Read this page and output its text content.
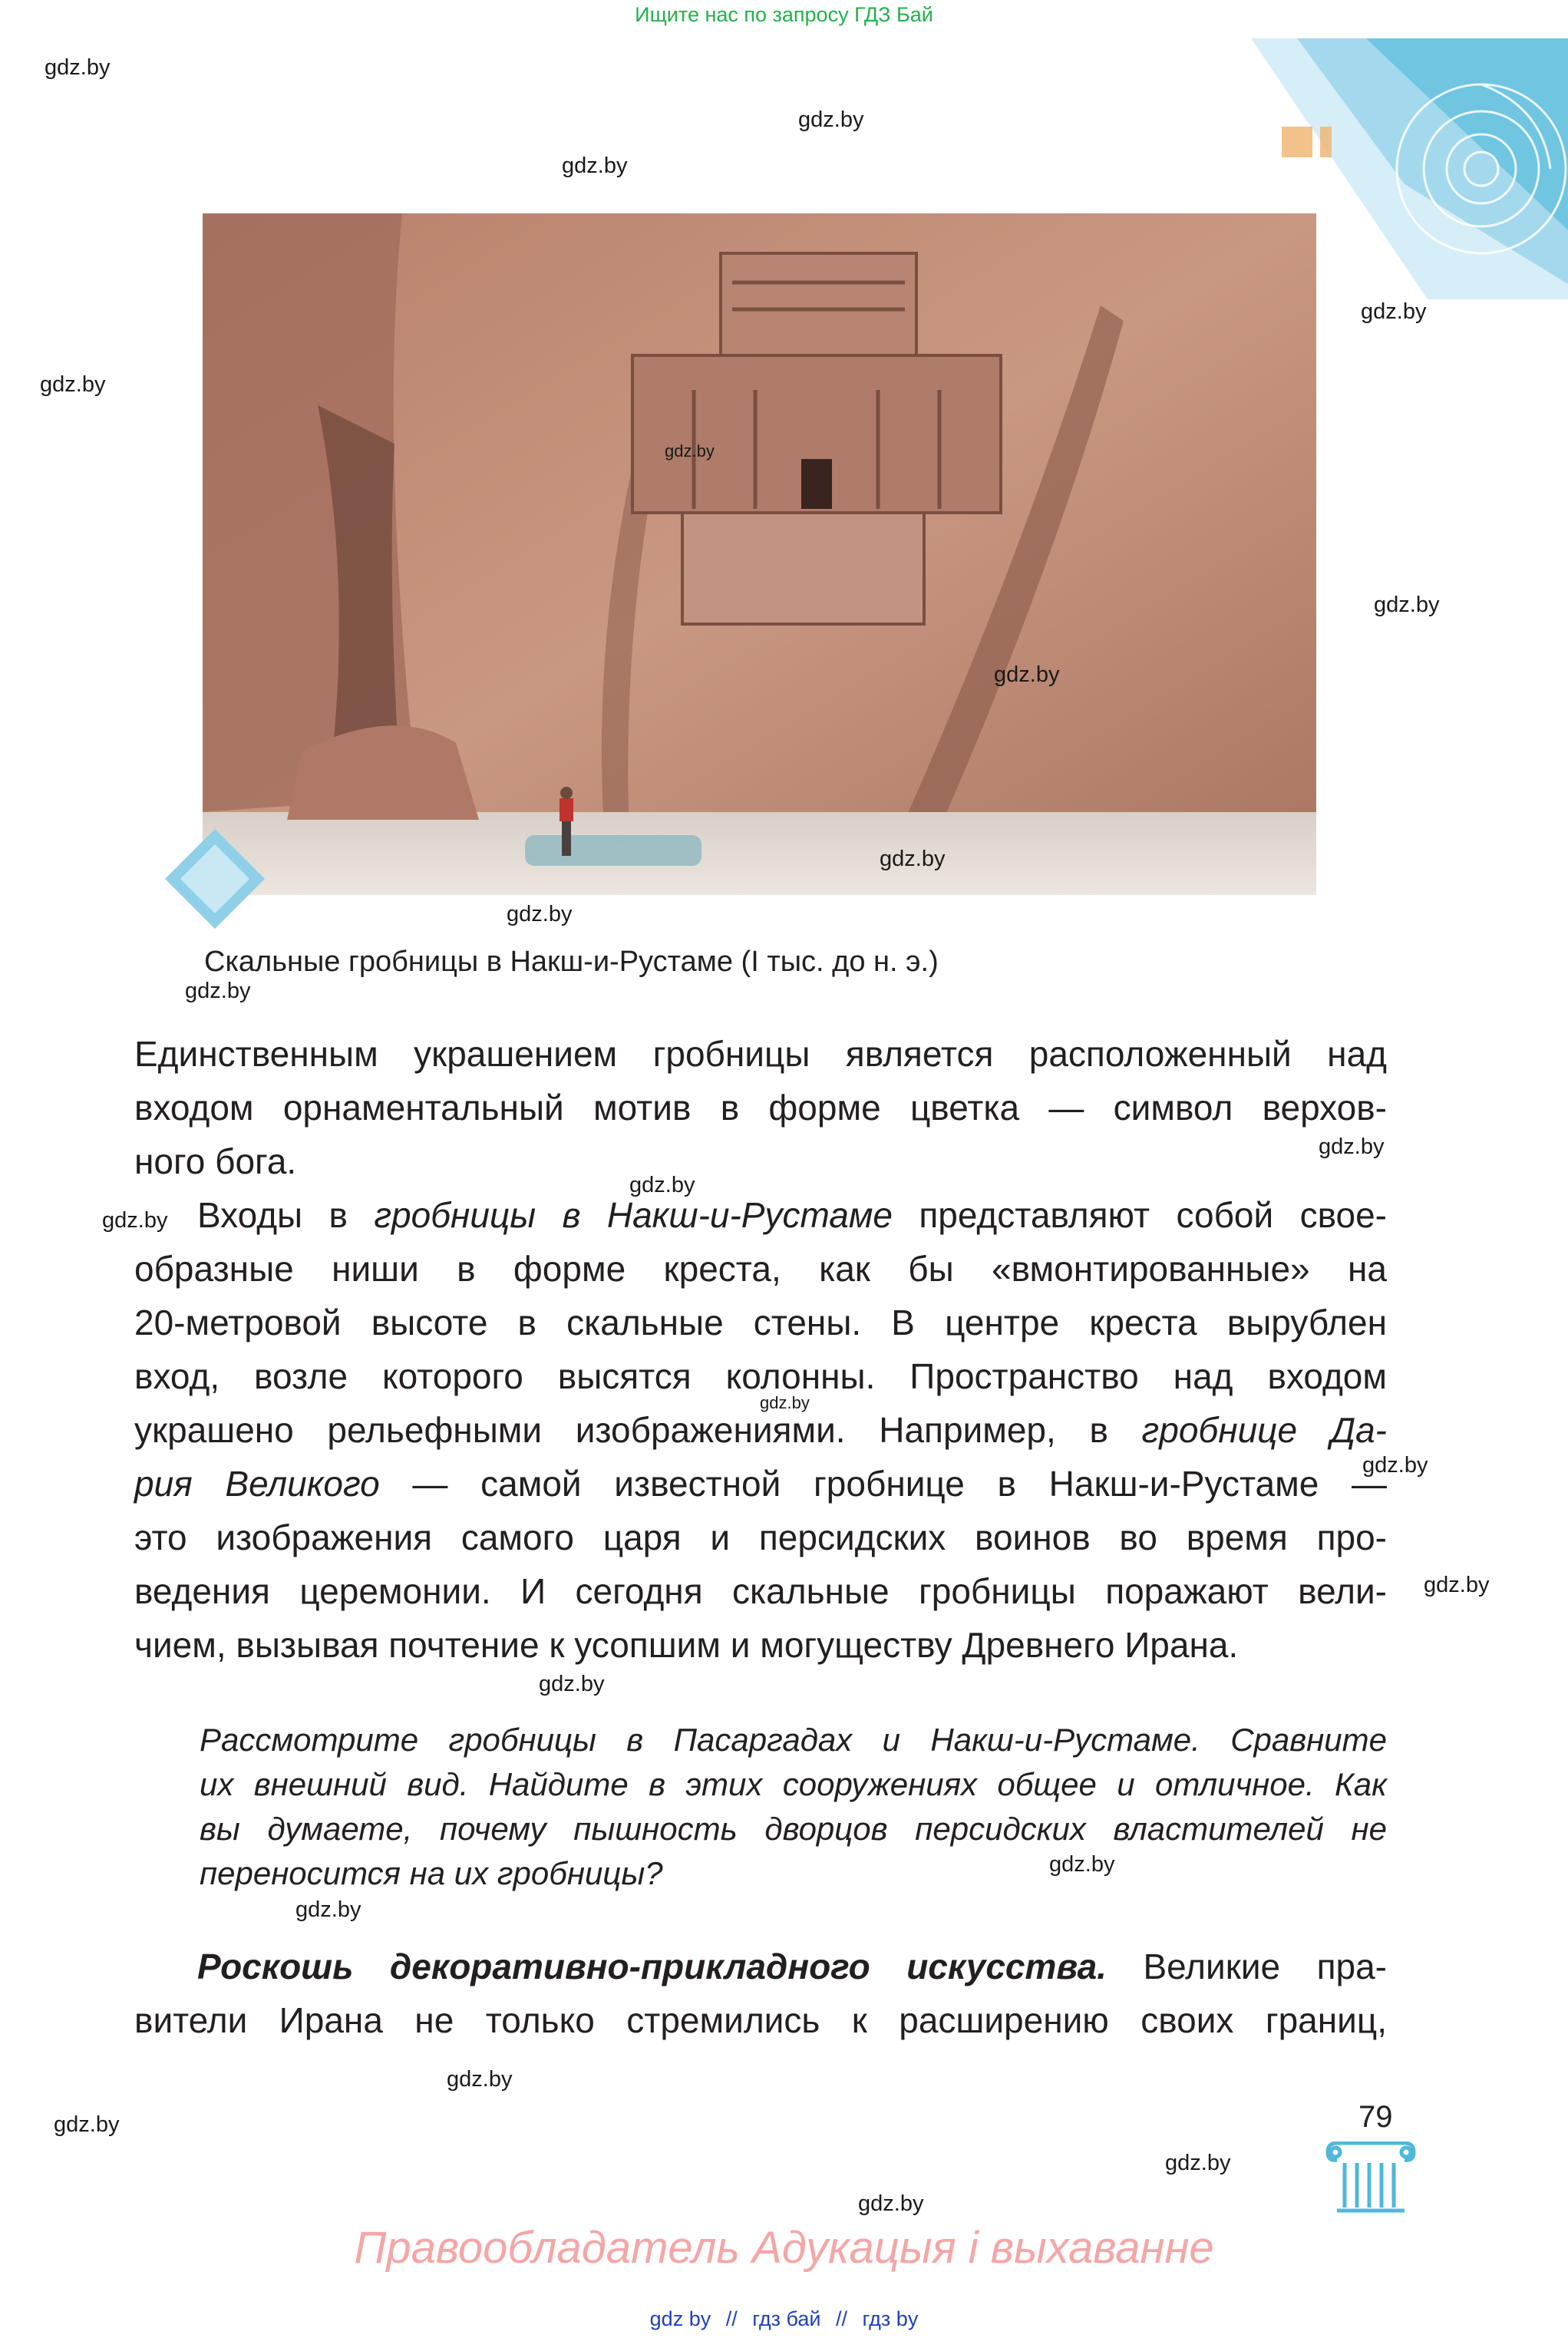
Ищите нас по запросу ГДЗ Бай
gdz.by
gdz.by
gdz.by
gdz.by
gdz.by
gdz.by
gdz.by
gdz.by
gdz.by
gdz.by
gdz.by
gdz.by
gdz.by
gdz.by
gdz.by
gdz.by
gdz.by
gdz.by
gdz.by
gdz.by
gdz.by
gdz.by
gdz.by
gdz.by
Скальные гробницы в Накш-и-Рустаме (I тыс. до н. э.)
Единственным украшением гробницы является расположенный над
входом орнаментальный мотив в форме цветка — символ верхов-
ного бога.
Входы в гробницы в Накш-и-Рустаме представляют собой свое-
образные ниши в форме креста, как бы «вмонтированные» на
20-метровой высоте в скальные стены. В центре креста вырублен
вход, возле которого высятся колонны. Пространство над входом
украшено рельефными изображениями. Например, в гробнице Да-
рия Великого — самой известной гробнице в Накш-и-Рустаме —
это изображения самого царя и персидских воинов во время про-
ведения церемонии. И сегодня скальные гробницы поражают вели-
чием, вызывая почтение к усопшим и могуществу Древнего Ирана.
Рассмотрите гробницы в Пасаргадах и Накш-и-Рустаме. Сравните
их внешний вид. Найдите в этих сооружениях общее и отличное. Как
вы думаете, почему пышность дворцов персидских властителей не
переносится на их гробницы?
Роскошь декоративно-прикладного искусства. Великие пра-
вители Ирана не только стремились к расширению своих границ,
79
Правообладатель Адукацыя і выхаванне
gdz by // гдз бай // гдз by
